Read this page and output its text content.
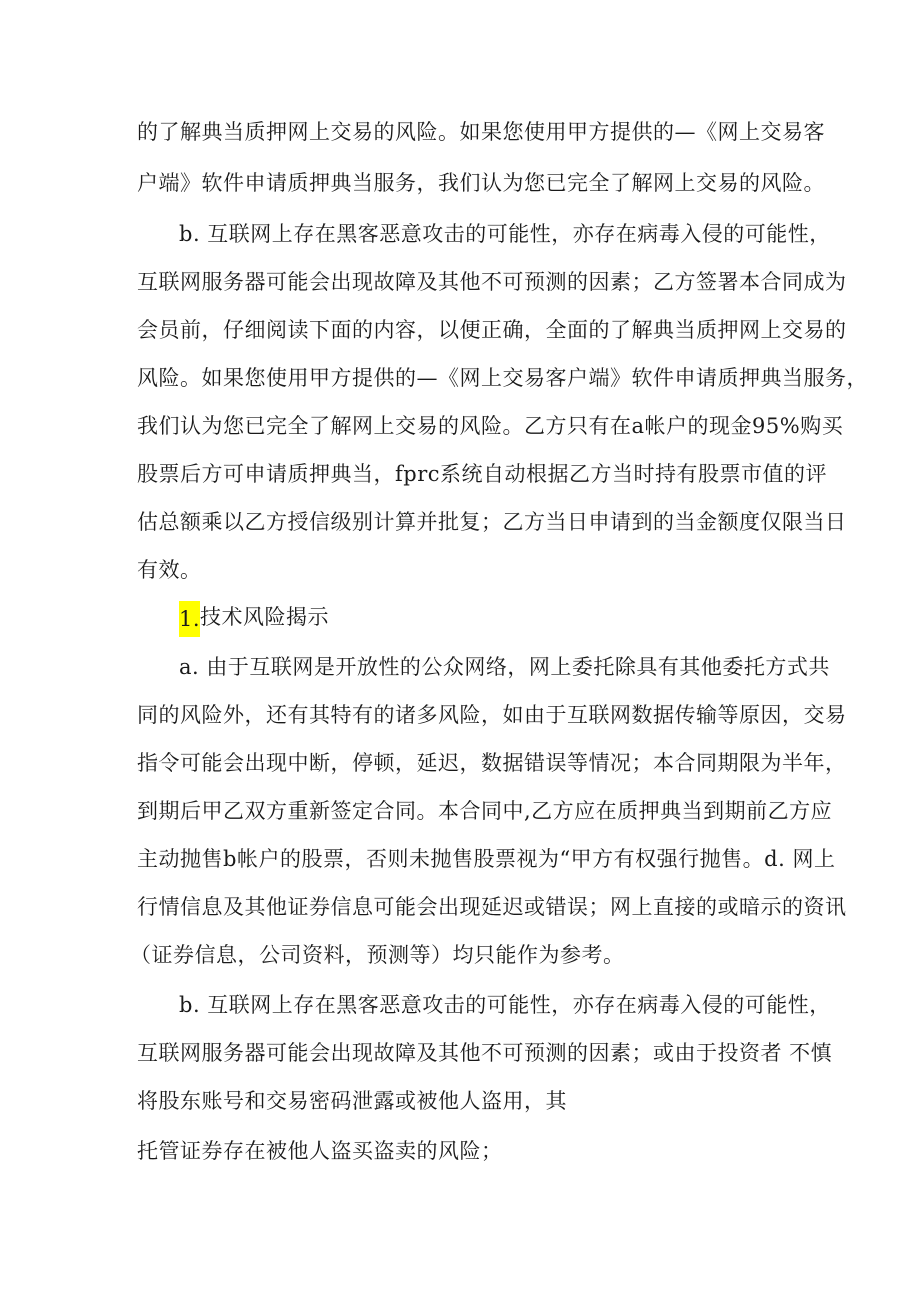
的了解典当质押网上交易的风险。如果您使用甲方提供的—《网上交易客
户端》软件申请质押典当服务，我们认为您已完全了解网上交易的风险。
b. 互联网上存在黑客恶意攻击的可能性，亦存在病毒入侵的可能性，
互联网服务器可能会出现故障及其他不可预测的因素；乙方签署本合同成为
会员前，仔细阅读下面的内容，以便正确，全面的了解典当质押网上交易的
风险。如果您使用甲方提供的—《网上交易客户端》软件申请质押典当服务，
我们认为您已完全了解网上交易的风险。乙方只有在a帐户的现金95%购买
股票后方可申请质押典当，fprc系统自动根据乙方当时持有股票市值的评
估总额乘以乙方授信级别计算并批复；乙方当日申请到的当金额度仅限当日
有效。
1.技术风险揭示
a. 由于互联网是开放性的公众网络，网上委托除具有其他委托方式共
同的风险外，还有其特有的诸多风险，如由于互联网数据传输等原因，交易
指令可能会出现中断，停顿，延迟，数据错误等情况；本合同期限为半年，
到期后甲乙双方重新签定合同。本合同中,乙方应在质押典当到期前乙方应
主动抛售b帐户的股票，否则未抛售股票视为“甲方有权强行抛售。d. 网上
行情信息及其他证券信息可能会出现延迟或错误；网上直接的或暗示的资讯
（证券信息，公司资料，预测等）均只能作为参考。
b. 互联网上存在黑客恶意攻击的可能性，亦存在病毒入侵的可能性，
互联网服务器可能会出现故障及其他不可预测的因素；或由于投资者 不慎
将股东账号和交易密码泄露或被他人盗用，其
托管证券存在被他人盗买盗卖的风险；
